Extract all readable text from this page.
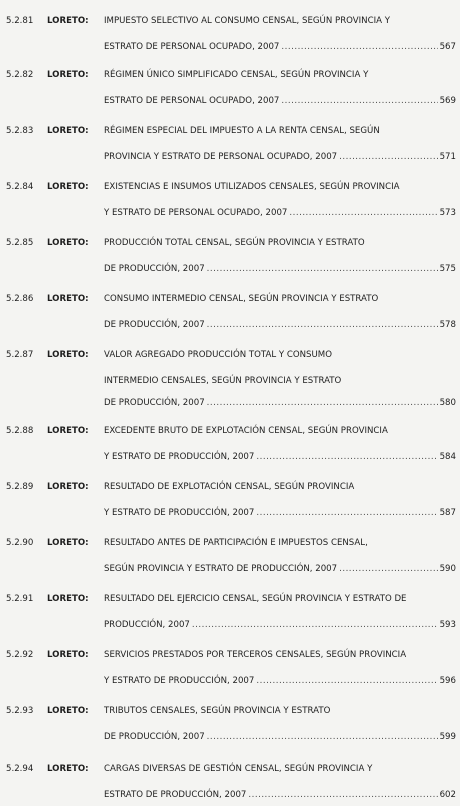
5.2.81 LORETO: IMPUESTO SELECTIVO AL CONSUMO CENSAL, SEGÚN PROVINCIA Y
ESTRATO DE PERSONAL OCUPADO, 2007 .....	567
5.2.82 LORETO: RÉGIMEN ÚNICO SIMPLIFICADO CENSAL, SEGÚN PROVINCIA Y
ESTRATO DE PERSONAL OCUPADO, 2007 .....	569
5.2.83 LORETO: RÉGIMEN ESPECIAL DEL IMPUESTO A LA RENTA CENSAL, SEGÚN
PROVINCIA Y ESTRATO DE PERSONAL OCUPADO, 2007 .....	571
5.2.84 LORETO: EXISTENCIAS E INSUMOS UTILIZADOS CENSALES, SEGÚN PROVINCIA
Y ESTRATO DE PERSONAL OCUPADO, 2007 .....	573
5.2.85 LORETO: PRODUCCIÓN TOTAL CENSAL, SEGÚN PROVINCIA Y ESTRATO
DE PRODUCCIÓN, 2007 .....	575
5.2.86 LORETO: CONSUMO INTERMEDIO CENSAL, SEGÚN PROVINCIA Y ESTRATO
DE PRODUCCIÓN, 2007 .....	578
5.2.87 LORETO: VALOR AGREGADO PRODUCCIÓN TOTAL Y CONSUMO
INTERMEDIO CENSALES, SEGÚN PROVINCIA Y ESTRATO
DE PRODUCCIÓN, 2007 .....	580
5.2.88 LORETO: EXCEDENTE BRUTO DE EXPLOTACIÓN CENSAL, SEGÚN PROVINCIA
Y ESTRATO DE PRODUCCIÓN, 2007 .....	584
5.2.89 LORETO: RESULTADO DE EXPLOTACIÓN CENSAL, SEGÚN PROVINCIA
Y ESTRATO DE PRODUCCIÓN, 2007 .....	587
5.2.90 LORETO: RESULTADO ANTES DE PARTICIPACIÓN E IMPUESTOS CENSAL,
SEGÚN PROVINCIA Y ESTRATO DE PRODUCCIÓN, 2007 .....	590
5.2.91 LORETO: RESULTADO DEL EJERCICIO CENSAL, SEGÚN PROVINCIA Y ESTRATO DE
PRODUCCIÓN, 2007 .....	593
5.2.92 LORETO: SERVICIOS PRESTADOS POR TERCEROS CENSALES, SEGÚN PROVINCIA
Y ESTRATO DE PRODUCCIÓN, 2007 .....	596
5.2.93 LORETO: TRIBUTOS CENSALES, SEGÚN PROVINCIA Y ESTRATO
DE PRODUCCIÓN, 2007 .....	599
5.2.94 LORETO: CARGAS DIVERSAS DE GESTIÓN CENSAL, SEGÚN PROVINCIA Y
ESTRATO DE PRODUCCIÓN, 2007 .....	602
